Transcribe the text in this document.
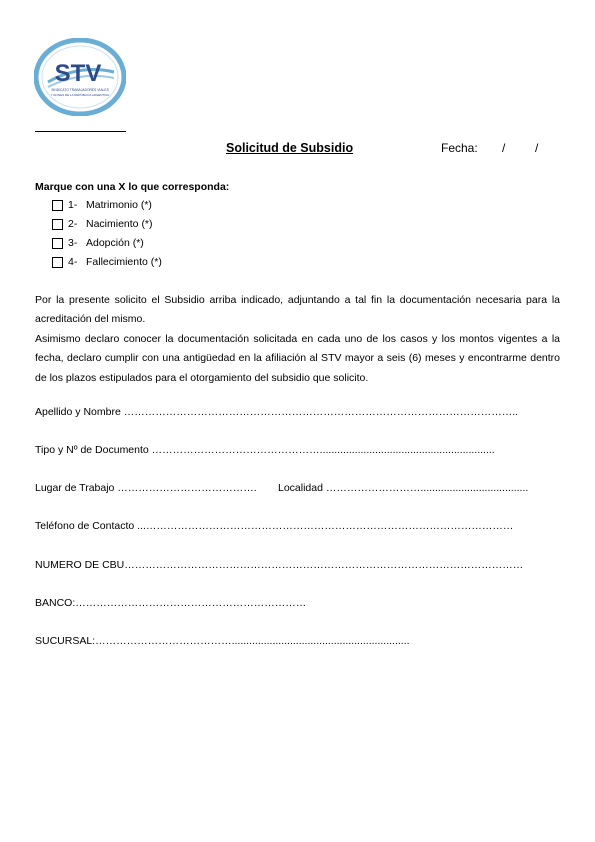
STV
SINDICATO TRABAJADORES VIALES
Y AFINES DE LA REPÚBLICA ARGENTINA
Solicitud de Subsidio	Fecha: / /
Marque con una X lo que corresponda:
1- Matrimonio (*)
2- Nacimiento (*)
3- Adopción (*)
4- Fallecimiento (*)
Por la presente solicito el Subsidio arriba indicado, adjuntando a tal fin la documentación necesaria para la acreditación del mismo.
Asimismo declaro conocer la documentación solicitada en cada uno de los casos y los montos vigentes a la fecha, declaro cumplir con una antigüedad en la afiliación al STV mayor a seis (6) meses y encontrarme dentro de los plazos estipulados para el otorgamiento del subsidio que solicito.
Apellido y Nombre …………………………………………………………………………………………………..
Tipo y Nº de Documento …………………………………………............................................................
Lugar de Trabajo …………………………………. Localidad ……………………….....................................
Teléfono de Contacto ...……………………………………………………………………………………………
NUMERO DE CBU……………………………………………………………………………………………………
BANCO:…………………………………………………………
SUCURSAL:………………………………….............................................................
